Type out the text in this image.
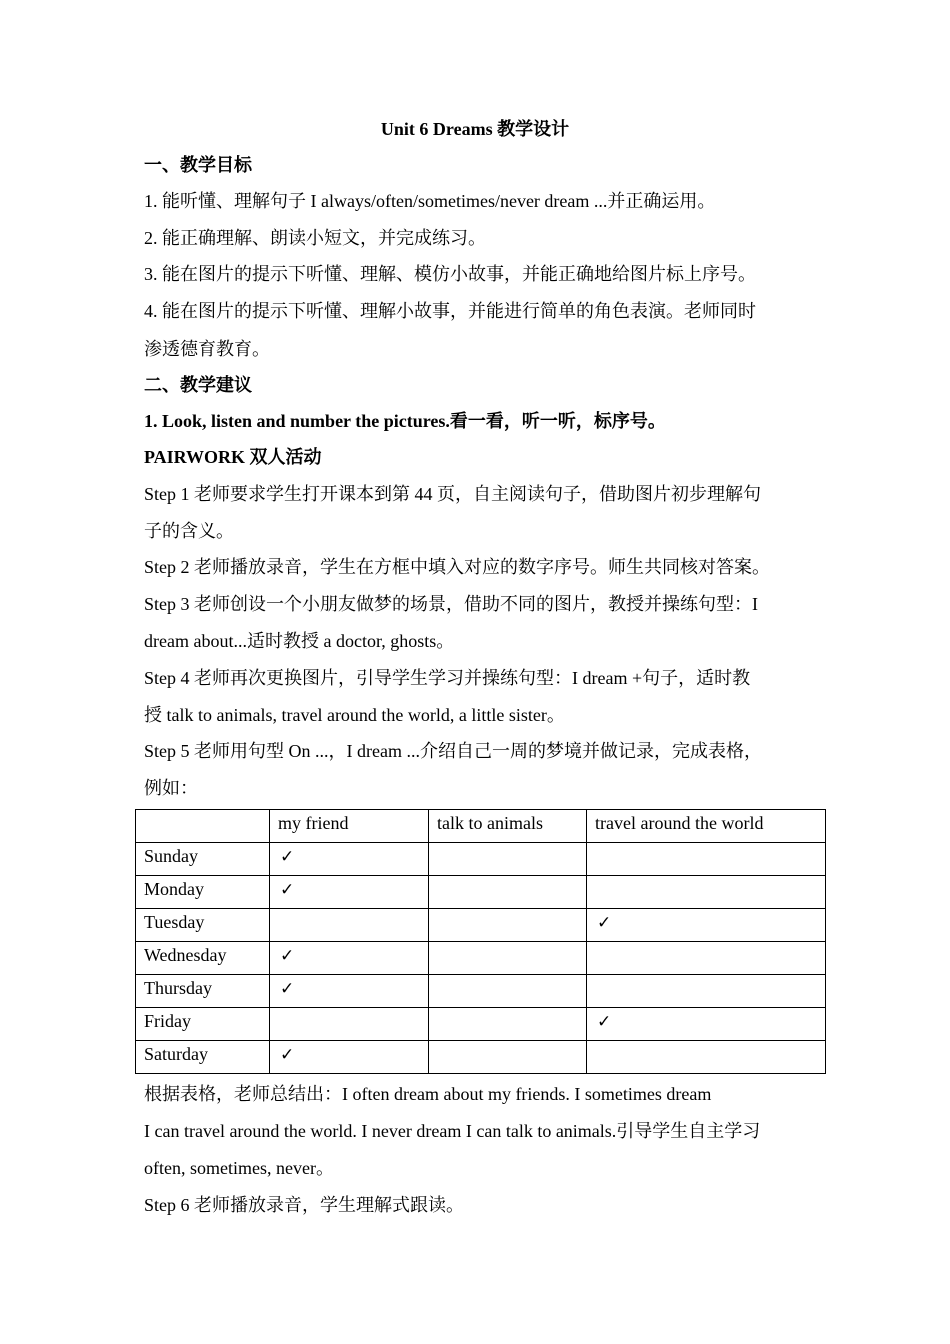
Unit 6 Dreams 教学设计
一、教学目标
1. 能听懂、理解句子 I always/often/sometimes/never dream ...并正确运用。
2. 能正确理解、朗读小短文，并完成练习。
3. 能在图片的提示下听懂、理解、模仿小故事，并能正确地给图片标上序号。
4. 能在图片的提示下听懂、理解小故事，并能进行简单的角色表演。老师同时
渗透德育教育。
二、教学建议
1. Look, listen and number the pictures.看一看，听一听，标序号。
PAIRWORK 双人活动
Step 1 老师要求学生打开课本到第 44 页，自主阅读句子，借助图片初步理解句
子的含义。
Step 2 老师播放录音，学生在方框中填入对应的数字序号。师生共同核对答案。
Step 3 老师创设一个小朋友做梦的场景，借助不同的图片，教授并操练句型：I
dream about...适时教授 a doctor, ghosts。
Step 4 老师再次更换图片，引导学生学习并操练句型：I dream +句子，适时教
授 talk to animals, travel around the world, a little sister。
Step 5 老师用句型 On ...，I dream ...介绍自己一周的梦境并做记录，完成表格，
例如：
	my friend	talk to animals	travel around the world
Sunday	✓		
Monday	✓		
Tuesday			✓
Wednesday	✓		
Thursday	✓		
Friday			✓
Saturday	✓		
根据表格，老师总结出：I often dream about my friends. I sometimes dream
I can travel around the world. I never dream I can talk to animals.引导学生自主学习
often, sometimes, never。
Step 6 老师播放录音，学生理解式跟读。
